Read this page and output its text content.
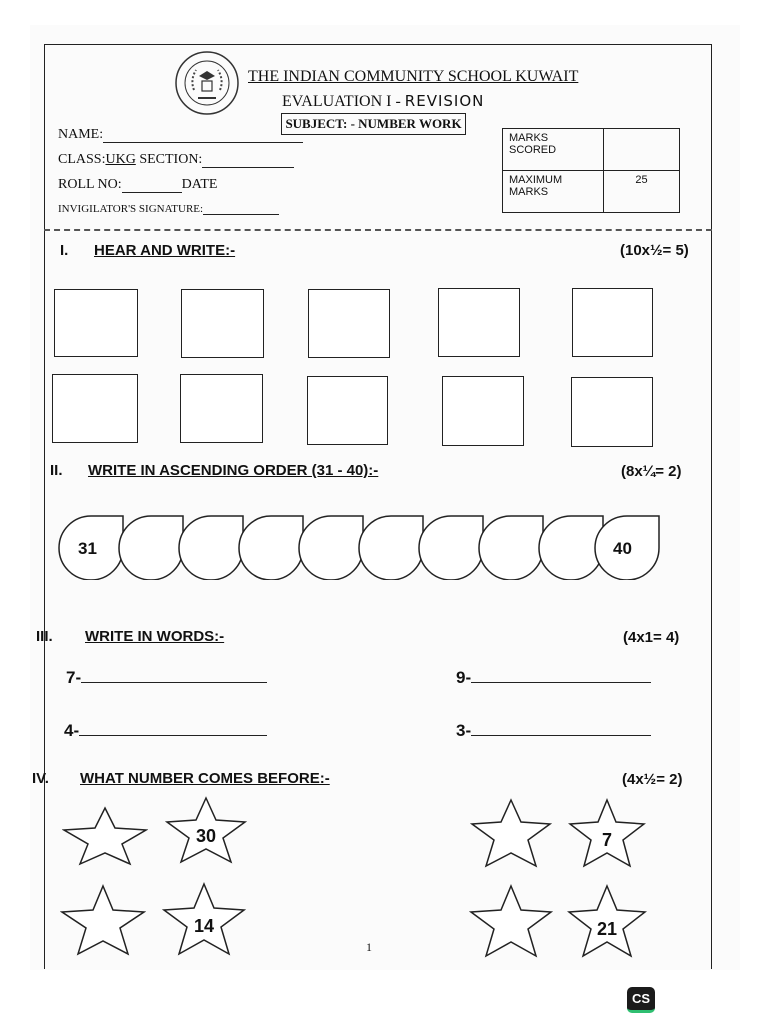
THE INDIAN COMMUNITY SCHOOL KUWAIT
EVALUATION I - REVISION
SUBJECT: - NUMBER WORK
NAME:
CLASS:UKG SECTION:
ROLL NO:	DATE
INVIGILATOR'S SIGNATURE:
MARKS SCORED	
MAXIMUM
MARKS	25
I. HEAR AND WRITE:-	(10x½= 5)
II. WRITE IN ASCENDING ORDER (31 - 40):-	(8x¼= 2)
31	40
III. WRITE IN WORDS:-	(4x1= 4)
7-	9-
4-	3-
IV. WHAT NUMBER COMES BEFORE:-	(4x½= 2)
30	7
14	21
1
CS
